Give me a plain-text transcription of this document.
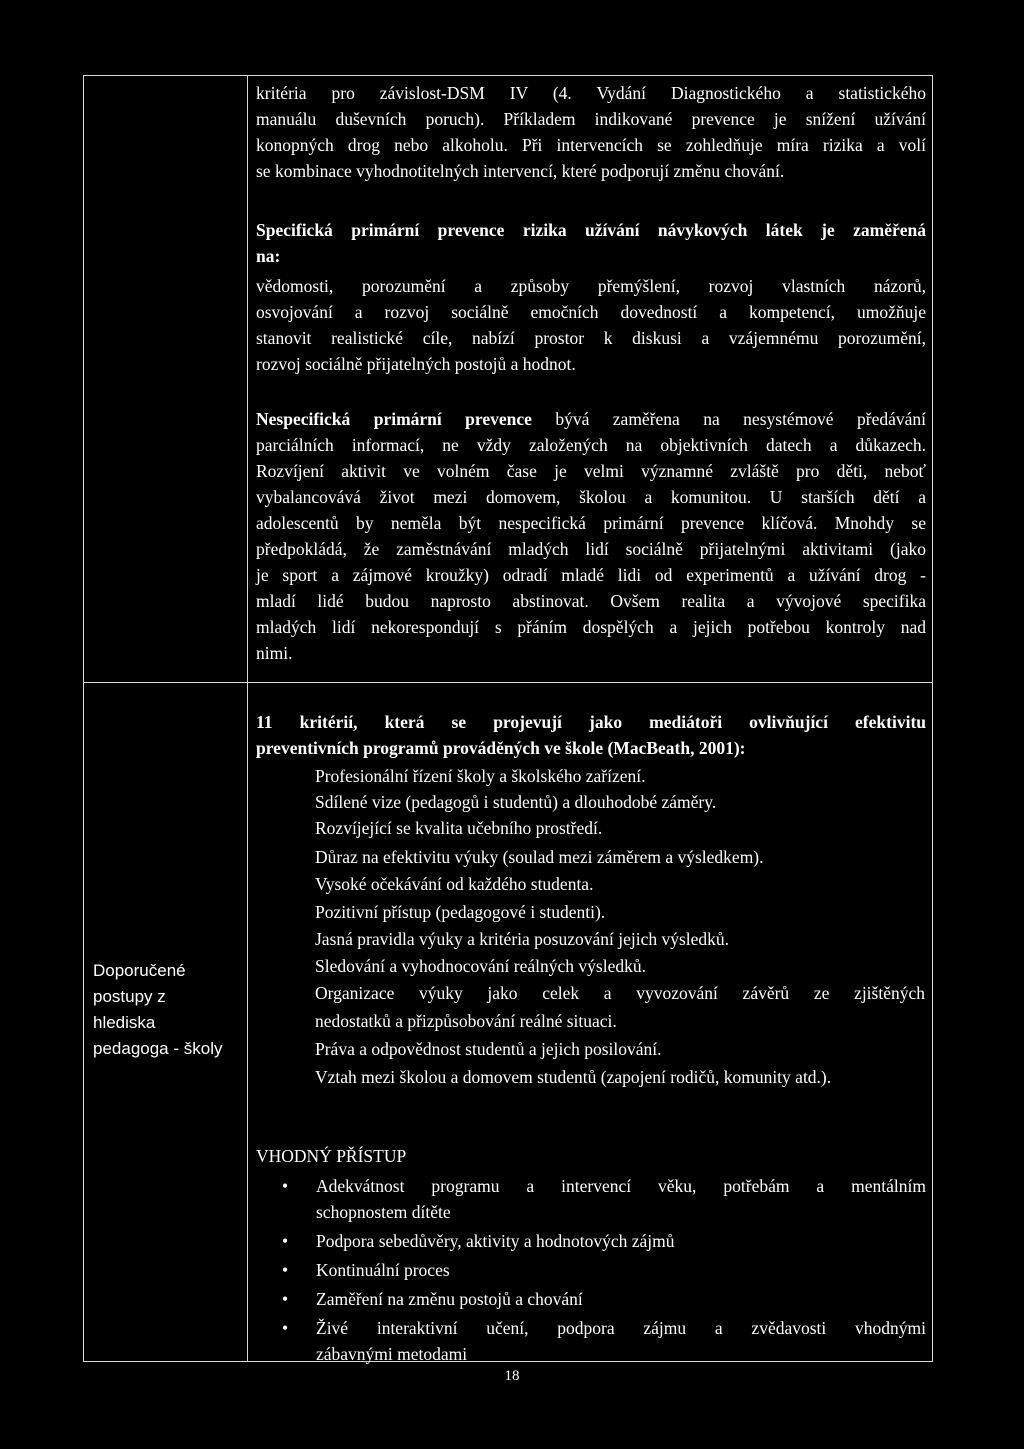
Doporučené
postupy z
hlediska
pedagoga - školy
kritéria pro závislost-DSM IV (4. Vydání Diagnostického a statistického
manuálu duševních poruch). Příkladem indikované prevence je snížení užívání
konopných drog nebo alkoholu. Při intervencích se zohledňuje míra rizika a volí
se kombinace vyhodnotitelných intervencí, které podporují změnu chování.
Specifická primární prevence rizika užívání návykových látek je zaměřená
na:
vědomosti, porozumění a způsoby přemýšlení, rozvoj vlastních názorů,
osvojování a rozvoj sociálně emočních dovedností a kompetencí, umožňuje
stanovit realistické cíle, nabízí prostor k diskusi a vzájemnému porozumění,
rozvoj sociálně přijatelných postojů a hodnot.
Nespecifická primární prevence bývá zaměřena na nesystémové předávání
parciálních informací, ne vždy založených na objektivních datech a důkazech.
Rozvíjení aktivit ve volném čase je velmi významné zvláště pro děti, neboť
vybalancovává život mezi domovem, školou a komunitou. U starších dětí a
adolescentů by neměla být nespecifická primární prevence klíčová. Mnohdy se
předpokládá, že zaměstnávání mladých lidí sociálně přijatelnými aktivitami (jako
je sport a zájmové kroužky) odradí mladé lidi od experimentů a užívání drog -
mladí lidé budou naprosto abstinovat. Ovšem realita a vývojové specifika
mladých lidí nekorespondují s přáním dospělých a jejich potřebou kontroly nad
nimi.
11 kritérií, která se projevují jako mediátoři ovlivňující efektivitu
preventivních programů prováděných ve škole (MacBeath, 2001):
Profesionální řízení školy a školského zařízení.
Sdílené vize (pedagogů i studentů) a dlouhodobé záměry.
Rozvíjející se kvalita učebního prostředí.
Důraz na efektivitu výuky (soulad mezi záměrem a výsledkem).
Vysoké očekávání od každého studenta.
Pozitivní přístup (pedagogové i studenti).
Jasná pravidla výuky a kritéria posuzování jejich výsledků.
Sledování a vyhodnocování reálných výsledků.
Organizace výuky jako celek a vyvozování závěrů ze zjištěných
nedostatků a přizpůsobování reálné situaci.
Práva a odpovědnost studentů a jejich posilování.
Vztah mezi školou a domovem studentů (zapojení rodičů, komunity atd.).
VHODNÝ PŘÍSTUP
• Adekvátnost programu a intervencí věku, potřebám a mentálním
schopnostem dítěte
• Podpora sebedůvěry, aktivity a hodnotových zájmů
• Kontinuální proces
• Zaměření na změnu postojů a chování
• Živé interaktivní učení, podpora zájmu a zvědavosti vhodnými
zábavnými metodami
18
